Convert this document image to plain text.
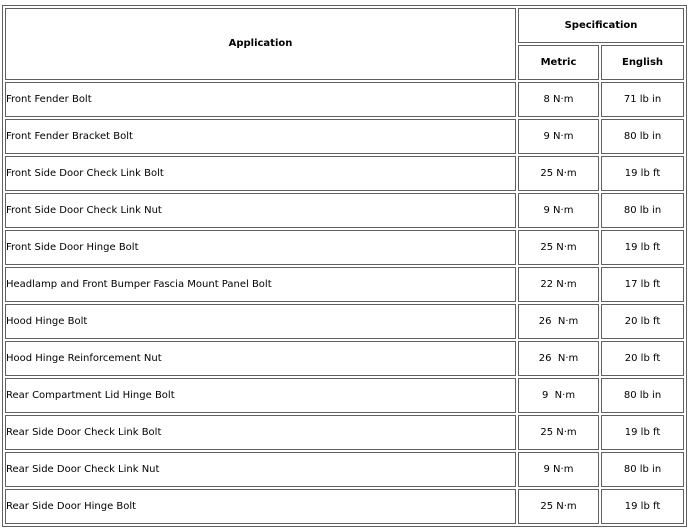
Application	Specification	
	Metric	English
Front Fender Bolt	8 N·m	71 lb in
Front Fender Bracket Bolt	9 N·m	80 lb in
Front Side Door Check Link Bolt	25 N·m	19 lb ft
Front Side Door Check Link Nut	9 N·m	80 lb in
Front Side Door Hinge Bolt	25 N·m	19 lb ft
Headlamp and Front Bumper Fascia Mount Panel Bolt	22 N·m	17 lb ft
Hood Hinge Bolt	26  N·m	20 lb ft
Hood Hinge Reinforcement Nut	26  N·m	20 lb ft
Rear Compartment Lid Hinge Bolt	9  N·m	80 lb in
Rear Side Door Check Link Bolt	25 N·m	19 lb ft
Rear Side Door Check Link Nut	9 N·m	80 lb in
Rear Side Door Hinge Bolt	25 N·m	19 lb ft
